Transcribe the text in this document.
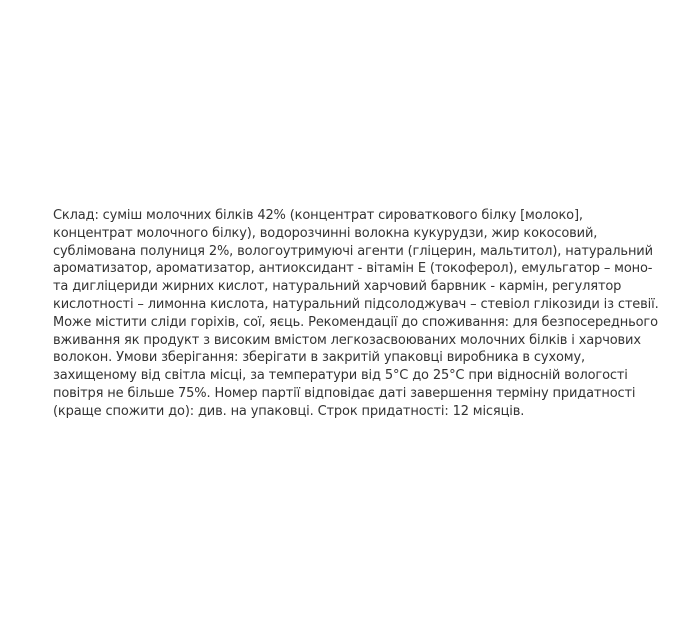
Склад: суміш молочних білків 42% (концентрат сироваткового білку [молоко],
концентрат молочного білку), водорозчинні волокна кукурудзи, жир кокосовий,
сублімована полуниця 2%, вологоутримуючі агенти (гліцерин, мальтитол), натуральний
ароматизатор, ароматизатор, антиоксидант - вітамін Е (токоферол), емульгатор – моно-
та дигліцериди жирних кислот, натуральний харчовий барвник - кармін, регулятор
кислотності – лимонна кислота, натуральний підсолоджувач – стевіол глікозиди із стевії.
Може містити сліди горіхів, сої, яєць. Рекомендації до споживання: для безпосереднього
вживання як продукт з високим вмістом легкозасвоюваних молочних білків і харчових
волокон. Умови зберігання: зберігати в закритій упаковці виробника в сухому,
захищеному від світла місці, за температури від 5°C до 25°C при відносній вологості
повітря не більше 75%. Номер партії відповідає даті завершення терміну придатності
(краще спожити до): див. на упаковці. Строк придатності: 12 місяців.
